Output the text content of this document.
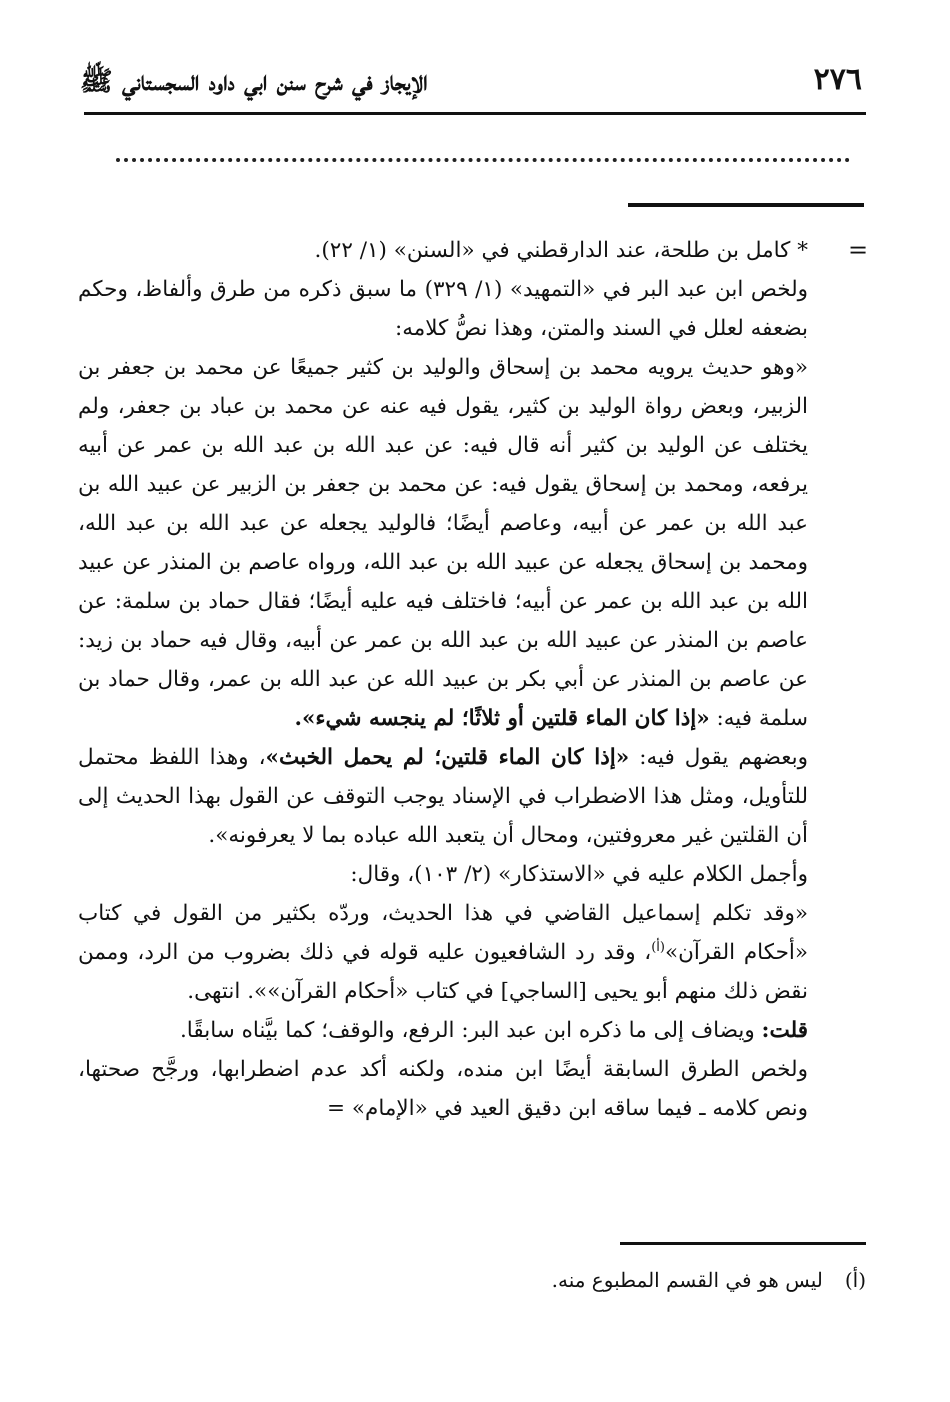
٢٧٦
الإيجاز في شرح سنن ابي داود السجستاني ﷺ
=

* كامل بن طلحة، عند الدارقطني في «السنن» (١/ ٢٢).

ولخص ابن عبد البر في «التمهيد» (١/ ٣٢٩) ما سبق ذكره من طرق وألفاظ، وحكم بضعفه لعلل في السند والمتن، وهذا نصُّ كلامه:

«وهو حديث يرويه محمد بن إسحاق والوليد بن كثير جميعًا عن محمد بن جعفر بن الزبير، وبعض رواة الوليد بن كثير، يقول فيه عنه عن محمد بن عباد بن جعفر، ولم يختلف عن الوليد بن كثير أنه قال فيه: عن عبد الله بن عبد الله بن عمر عن أبيه يرفعه، ومحمد بن إسحاق يقول فيه: عن محمد بن جعفر بن الزبير عن عبيد الله بن عبد الله بن عمر عن أبيه، وعاصم أيضًا؛ فالوليد يجعله عن عبد الله بن عبد الله، ومحمد بن إسحاق يجعله عن عبيد الله بن عبد الله، ورواه عاصم بن المنذر عن عبيد الله بن عبد الله بن عمر عن أبيه؛ فاختلف فيه عليه أيضًا؛ فقال حماد بن سلمة: عن عاصم بن المنذر عن عبيد الله بن عبد الله بن عمر عن أبيه، وقال فيه حماد بن زيد: عن عاصم بن المنذر عن أبي بكر بن عبيد الله عن عبد الله بن عمر، وقال حماد بن سلمة فيه: «إذا كان الماء قلتين أو ثلاثًا؛ لم ينجسه شيء».

وبعضهم يقول فيه: «إذا كان الماء قلتين؛ لم يحمل الخبث»، وهذا اللفظ محتمل للتأويل، ومثل هذا الاضطراب في الإسناد يوجب التوقف عن القول بهذا الحديث إلى أن القلتين غير معروفتين، ومحال أن يتعبد الله عباده بما لا يعرفونه».

وأجمل الكلام عليه في «الاستذكار» (٢/ ١٠٣)، وقال:

«وقد تكلم إسماعيل القاضي في هذا الحديث، وردّه بكثير من القول في كتاب «أحكام القرآن»$^{(أ)}$، وقد رد الشافعيون عليه قوله في ذلك بضروب من الرد، وممن نقض ذلك منهم أبو يحيى [الساجي] في كتاب «أحكام القرآن»». انتهى.

قلت: ويضاف إلى ما ذكره ابن عبد البر: الرفع، والوقف؛ كما بيَّناه سابقًا.

ولخص الطرق السابقة أيضًا ابن منده، ولكنه أكد عدم اضطرابها، ورجَّح صحتها، ونص كلامه ـ فيما ساقه ابن دقيق العيد في «الإمام» =

(أ)ليس هو في القسم المطبوع منه.
